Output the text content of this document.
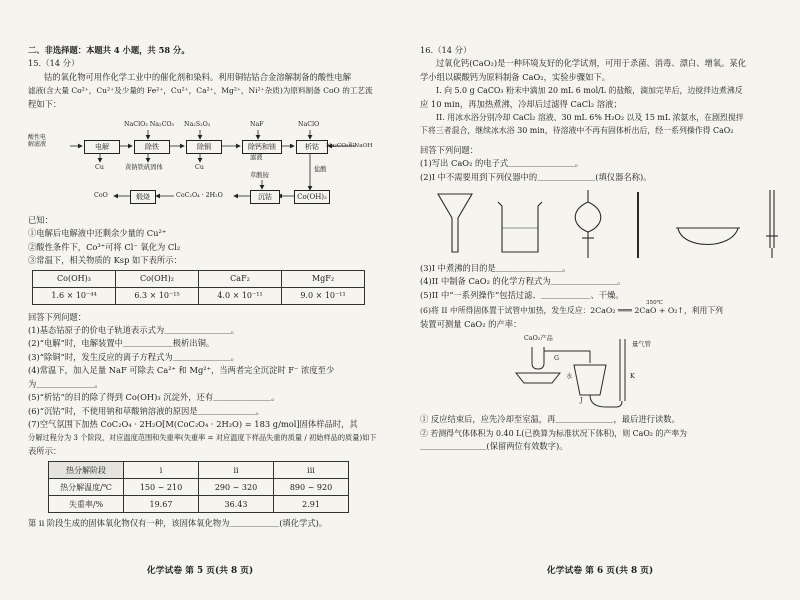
二、非选择题：本题共 4 小题，共 58 分。

15.（14 分）

钴的氧化物可用作化学工业中的催化剂和染料。利用铜钴钴合金溶解制备的酸性电解

滤液(含大量 Co²⁺，Cu²⁺及少量的 Fe²⁺，Cu²⁺，Ca²⁺，Mg²⁺，Ni²⁺杂质)为原料制备 CoO 的工艺流

程如下：

酸性电
解滤液
NaClO₃ Na₂CO₃ Na₂S₂O₃	NaF	NaClO
电解	除铁	除铜	除钙和镁	析钴	Na₂CO₃和NaOH
Cu	黄钠铁矾固体	Cu
滤液
盐酸
草酸铵
Co(OH)₃
沉钴
CoC₂O₄ · 2H₂O
煅烧
CoO

已知：

①电解后电解液中还剩余少量的 Cu²⁺

②酸性条件下，Co³⁺可将 Cl⁻ 氧化为 Cl₂

③常温下，相关物质的 Ksp 如下表所示：

Co(OH)₃	Co(OH)₂	CaF₂	MgF₂
1.6 × 10⁻⁴⁴	6.3 × 10⁻¹⁵	4.0 × 10⁻¹¹	9.0 × 10⁻¹¹

回答下列问题：

(1)基态钴原子的价电子轨道表示式为＿＿＿＿＿＿＿＿。

(2)“电解”时，电解装置中＿＿＿＿＿＿极析出铜。

(3)“除铜”时，发生反应的离子方程式为＿＿＿＿＿＿＿。

(4)常温下，加入足量 NaF 可除去 Ca²⁺ 和 Mg²⁺，当两者完全沉淀时 F⁻ 浓度至少

为＿＿＿＿＿＿＿。

(5)“析钴”的目的除了得到 Co(OH)₃ 沉淀外，还有＿＿＿＿＿＿＿。

(6)“沉钴”时，不使用钠和草酸钠溶液的原因是＿＿＿＿＿＿＿。

(7)空气氛围下加热 CoC₂O₄ · 2H₂O[M(CoC₂O₄ · 2H₂O) = 183 g/mol]固体样品时，其

分解过程分为 3 个阶段，对应温度范围和失重率(失重率 = 对应温度下样品失重的质量 / 初始样品的质量)如下

表所示：

热分解阶段	i	ii	iii
热分解温度/℃	150 ~ 210	290 ~ 320	890 ~ 920
失重率/%	19.67	36.43	2.91

第 ii 阶段生成的固体氧化物仅有一种，该固体氧化物为＿＿＿＿＿＿(填化学式)。

化学试卷 第 5 页(共 8 页)

16.（14 分）

过氧化钙(CaO₂)是一种环境友好的化学试剂，可用于杀菌、消毒、漂白、增氧。某化

学小组以碳酸钙为原料制备 CaO₂，实验步骤如下。

I. 向 5.0 g CaCO₃ 粉末中滴加 20 mL 6 mol/L 的盐酸，滴加完毕后，边搅拌边煮沸反

应 10 min，再加热煮沸，冷却后过滤得 CaCl₂ 溶液；

II. 用冰水浴分别冷却 CaCl₂ 溶液、30 mL 6% H₂O₂ 以及 15 mL 浓氨水，在剧烈搅拌

下将三者混合，继续冰水浴 30 min，待溶液中不再有固体析出后，经一系列操作得 CaO₂

回答下列问题：

(1)写出 CaO₂ 的电子式＿＿＿＿＿＿＿＿。

(2)I 中不需要用到下列仪器中的＿＿＿＿＿＿＿(填仪器名称)。

(3)I 中煮沸的目的是＿＿＿＿＿＿＿＿。

(4)II 中制备 CaO₂ 的化学方程式为＿＿＿＿＿＿＿＿。

(5)II 中“一系列操作”包括过滤、＿＿＿＿＿＿、干燥。

350℃

(6)将 II 中所得固体置于试管中加热，发生反应：2CaO₂ ═══ 2CaO + O₂↑，利用下列

装置可测量 CaO₂ 的产率：

CaO₂产品
G
水
量气管
K
J

① 反应结束后，应先冷却至室温，再＿＿＿＿＿＿＿，最后进行读数。

② 若测得气体体积为 0.40 L(已换算为标准状况下体积)，则 CaO₂ 的产率为

＿＿＿＿＿＿＿＿(保留两位有效数字)。

化学试卷 第 6 页(共 8 页)
